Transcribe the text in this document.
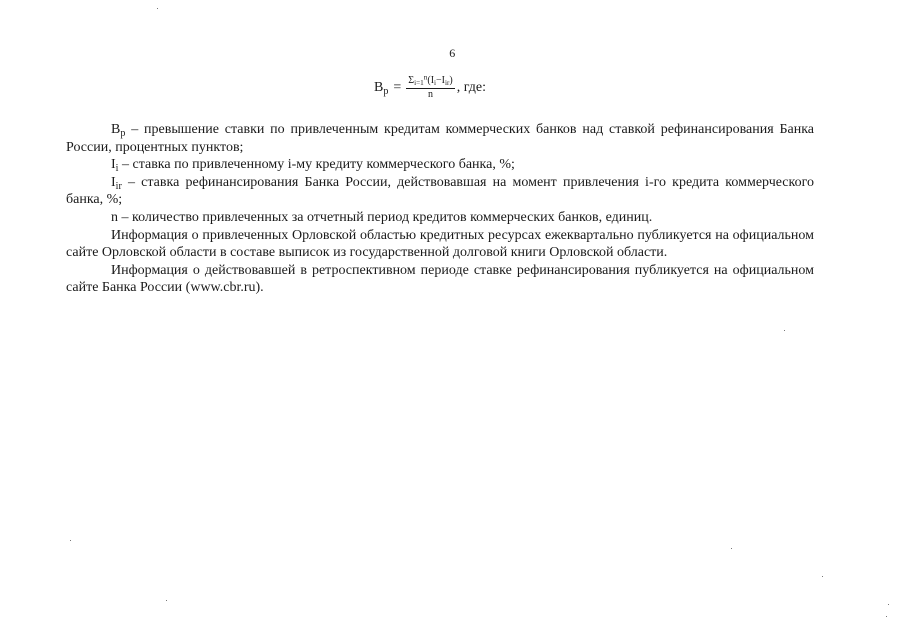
6
$B_p = \frac{\Sigma_{i=1}^n(I_i-I_{ir})}{n}$ , где:

$B_p$ – превышение ставки по привлеченным кредитам коммерческих банков над ставкой рефинансирования Банка России, процентных пунктов;

$I_i$ – ставка по привлеченному i-му кредиту коммерческого банка, %;

$I_{ir}$ – ставка рефинансирования Банка России, действовавшая на момент привлечения i-го кредита коммерческого банка, %;

n – количество привлеченных за отчетный период кредитов коммерческих банков, единиц.

Информация о привлеченных Орловской областью кредитных ресурсах ежеквартально публикуется на официальном сайте Орловской области в составе выписок из государственной долговой книги Орловской области.

Информация о действовавшей в ретроспективном периоде ставке рефинансирования публикуется на официальном сайте Банка России (www.cbr.ru).
